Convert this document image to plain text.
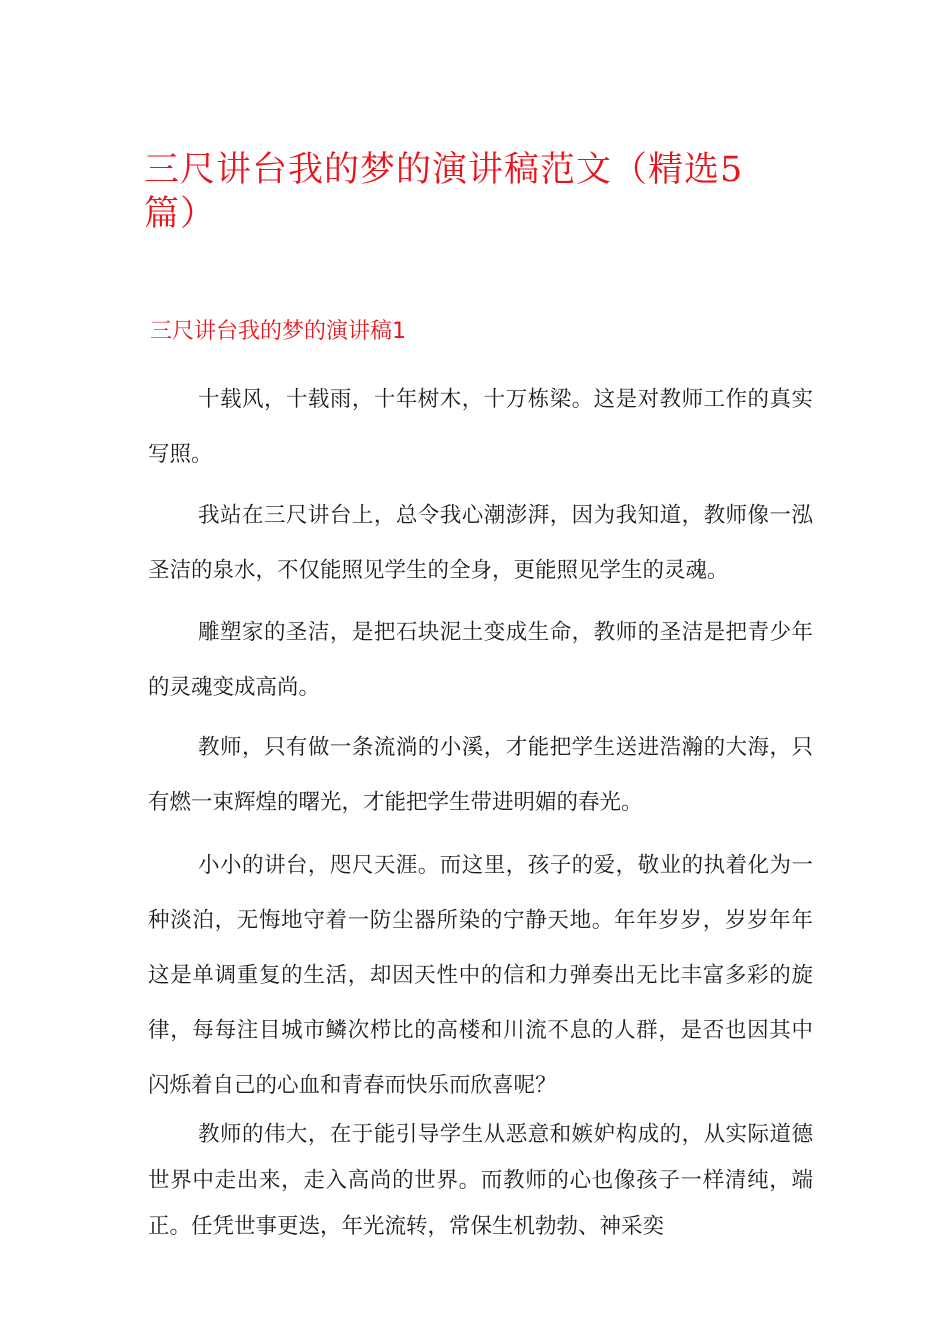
三尺讲台我的梦的演讲稿范文（精选5篇）
三尺讲台我的梦的演讲稿1

十载风，十载雨，十年树木，十万栋梁。这是对教师工作的真实写照。

我站在三尺讲台上，总令我心潮澎湃，因为我知道，教师像一泓圣洁的泉水，不仅能照见学生的全身，更能照见学生的灵魂。

雕塑家的圣洁，是把石块泥土变成生命，教师的圣洁是把青少年的灵魂变成高尚。

教师，只有做一条流淌的小溪，才能把学生送进浩瀚的大海，只有燃一束辉煌的曙光，才能把学生带进明媚的春光。

小小的讲台，咫尺天涯。而这里，孩子的爱，敬业的执着化为一种淡泊，无悔地守着一防尘器所染的宁静天地。年年岁岁，岁岁年年这是单调重复的生活，却因天性中的信和力弹奏出无比丰富多彩的旋律，每每注目城市鳞次栉比的高楼和川流不息的人群，是否也因其中闪烁着自己的心血和青春而快乐而欣喜呢？

教师的伟大，在于能引导学生从恶意和嫉妒构成的，从实际道德世界中走出来，走入高尚的世界。而教师的心也像孩子一样清纯，端正。任凭世事更迭，年光流转，常保生机勃勃、神采奕
